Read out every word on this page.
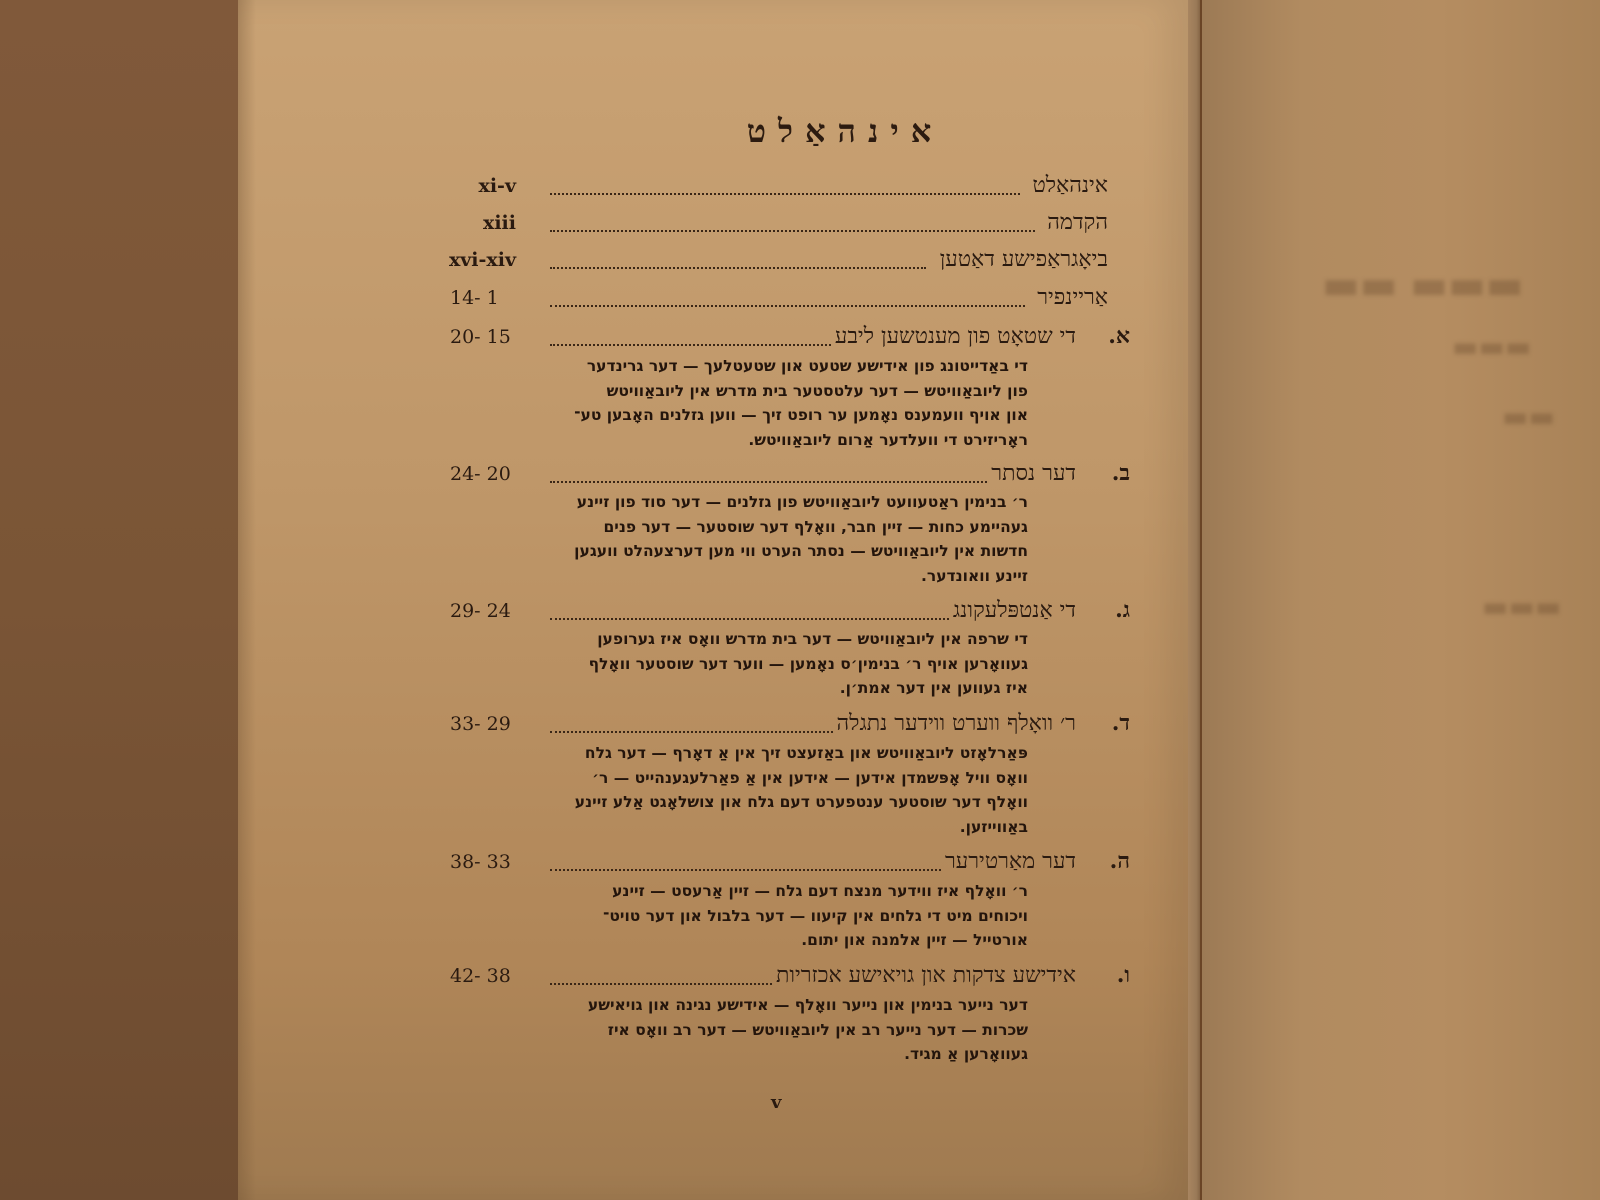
▬▬▬ ▬▬
▬▬▬
▬▬
▬▬▬
אינהאַלט
xi-v	אינהאַלט
xiii	הקדמה
xvi-xiv	ביאָגראַפישע דאַטען
14- 1	אַריינפיר
20- 15	די שטאָט פון מענטשען ליבע	א.
די באַדייטונג פון אידישע שטעט און שטעטלעך — דער גרינדער
פון ליובאַוויטש — דער עלטסטער בית מדרש אין ליובאַוויטש
און אויף וועמענס נאָמען ער רופט זיך — ווען גזלנים האָבען טע־
ראָריזירט די וועלדער אַרום ליובאַוויטש.
24- 20	דער נסתר	ב.
ר׳ בנימין ראַטעוועט ליובאַוויטש פון גזלנים — דער סוד פון זיינע
געהיימע כחות — זיין חבר, וואָלף דער שוסטער — דער פנים
חדשות אין ליובאַוויטש — נסתר הערט ווי מען דערצעהלט וועגען
זיינע וואונדער.
29- 24	די אַנטפּלעקונג	ג.
די שרפה אין ליובאַוויטש — דער בית מדרש וואָס איז גערופען
געוואָרען אויף ר׳ בנימין׳ס נאָמען — ווער דער שוסטער וואָלף
איז געווען אין דער אמת׳ן.
33- 29	ר׳ וואָלף ווערט ווידער נתגלה	ד.
פּאַרלאָזט ליובאַוויטש און באַזעצט זיך אין אַ דאָרף — דער גלח
וואָס וויל אָפּשמדן אידען — אידען אין אַ פאַרלעגענהייט — ר׳
וואָלף דער שוסטער ענטפערט דעם גלח און צושלאָגט אַלע זיינע
באַווייזען.
38- 33	דער מאַרטירער	ה.
ר׳ וואָלף איז ווידער מנצח דעם גלח — זיין אַרעסט — זיינע
ויכוחים מיט די גלחים אין קיעוו — דער בלבול און דער טויט־
אורטייל — זיין אלמנה און יתום.
42- 38	אידישע צדקות און גויאישע אכזריות	ו.
דער נייער בנימין און נייער וואָלף — אידישע נגינה און גויאישע
שכרות — דער נייער רב אין ליובאַוויטש — דער רב וואָס איז
געוואָרען אַ מגיד.
v
